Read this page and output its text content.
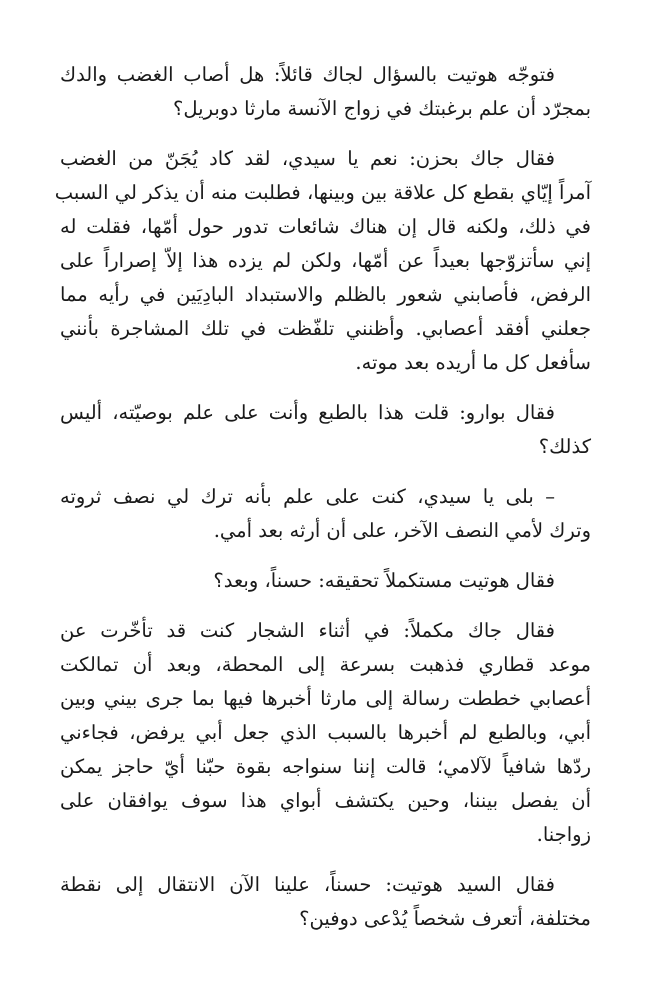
فتوجّه هوتيت بالسؤال لجاك قائلاً: هل أصاب الغضب والدك
بمجرّد أن علم برغبتك في زواج الآنسة مارثا دوبريل؟
فقال جاك بحزن: نعم يا سيدي، لقد كاد يُجَنّ من الغضب
آمراً إيّاي بقطع كل علاقة بين وبينها، فطلبت منه أن يذكر لي السبب
في ذلك، ولكنه قال إن هناك شائعات تدور حول أمّها، فقلت له
إني سأتزوّجها بعيداً عن أمّها، ولكن لم يزده هذا إلاّ إصراراً على
الرفض، فأصابني شعور بالظلم والاستبداد البادِيَين في رأيه مما
جعلني أفقد أعصابي. وأظنني تلفّظت في تلك المشاجرة بأنني
سأفعل كل ما أريده بعد موته.
فقال بوارو: قلت هذا بالطبع وأنت على علم بوصيّته، أليس
كذلك؟
– بلى يا سيدي، كنت على علم بأنه ترك لي نصف ثروته
وترك لأمي النصف الآخر، على أن أرثه بعد أمي.
فقال هوتيت مستكملاً تحقيقه: حسناً، وبعد؟
فقال جاك مكملاً: في أثناء الشجار كنت قد تأخّرت عن
موعد قطاري فذهبت بسرعة إلى المحطة، وبعد أن تمالكت
أعصابي خططت رسالة إلى مارثا أخبرها فيها بما جرى بيني وبين
أبي، وبالطبع لم أخبرها بالسبب الذي جعل أبي يرفض، فجاءني
ردّها شافياً لآلامي؛ قالت إننا سنواجه بقوة حبّنا أيّ حاجز يمكن
أن يفصل بيننا، وحين يكتشف أبواي هذا سوف يوافقان على
زواجنا.
فقال السيد هوتيت: حسناً، علينا الآن الانتقال إلى نقطة
مختلفة، أتعرف شخصاً يُدْعى دوفين؟
